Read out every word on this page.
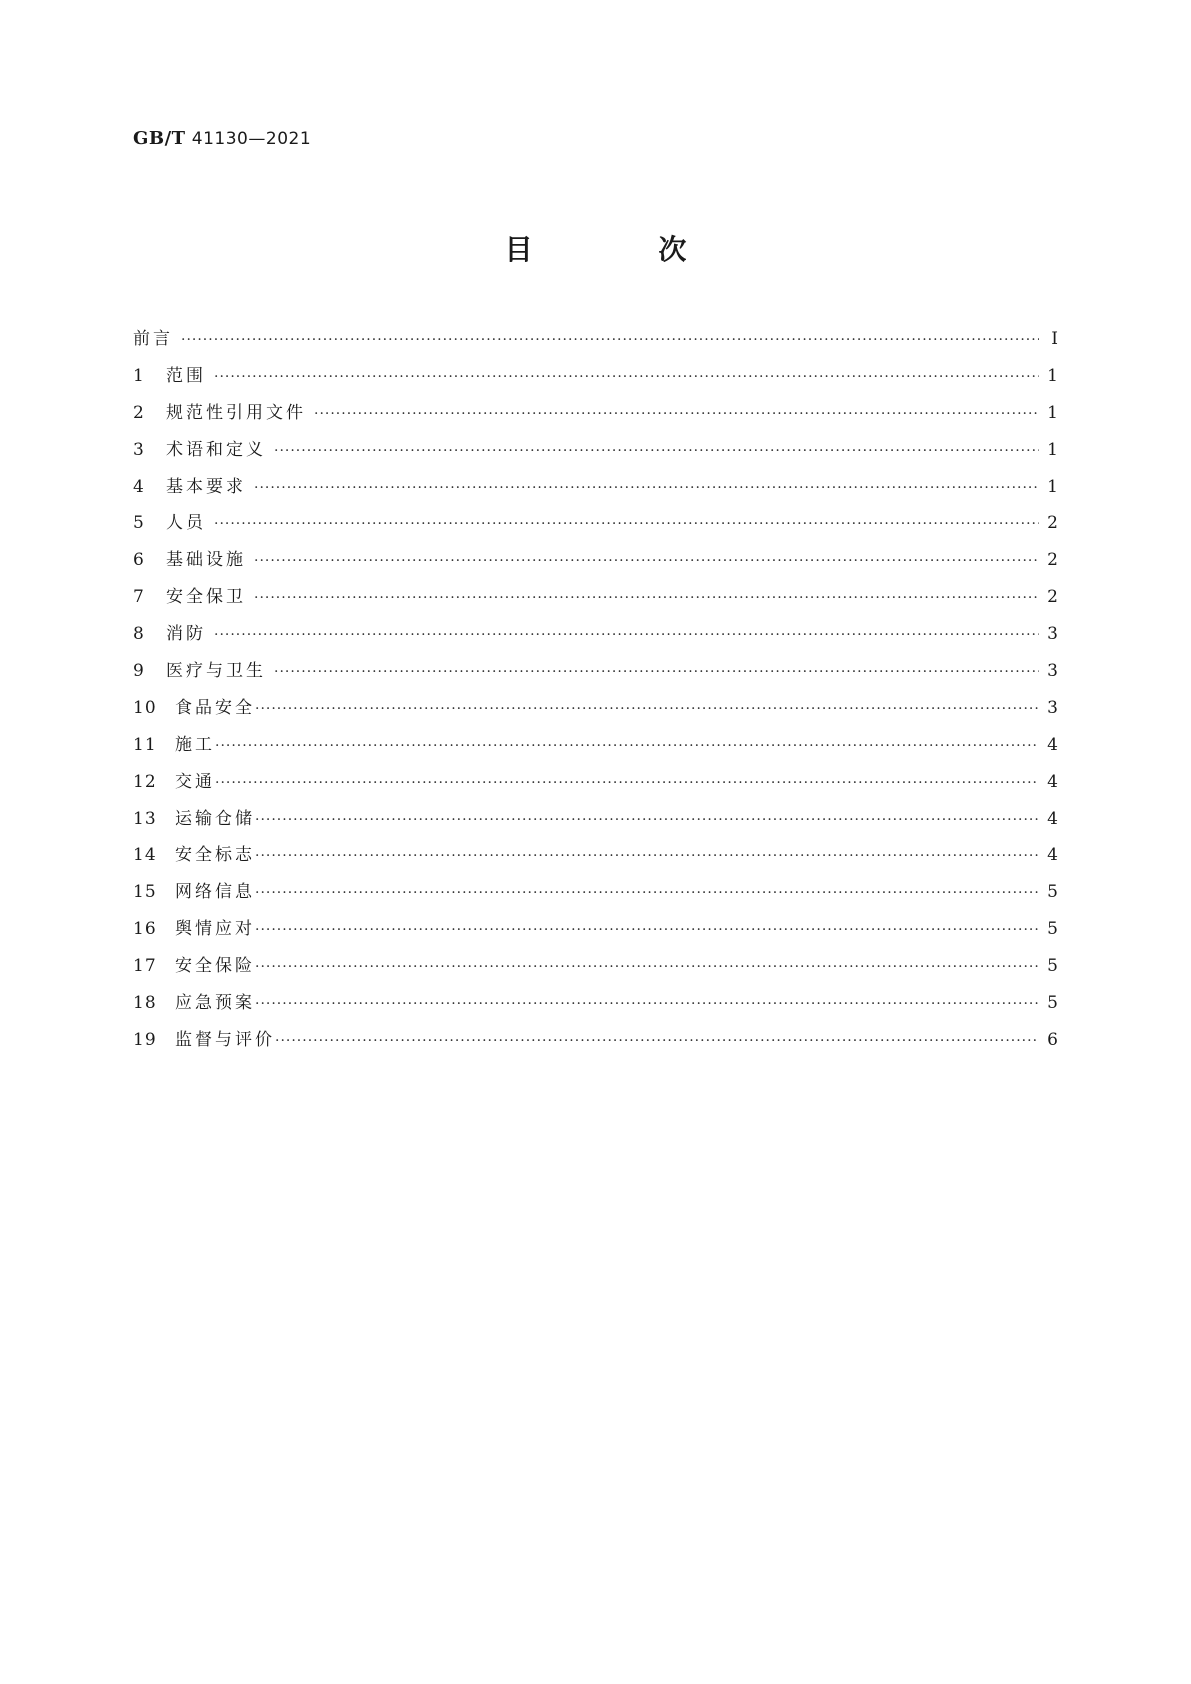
GB/T 41130—2021
目 次
前言 ·····	Ⅰ
1	范围 ·····	1
2	规范性引用文件 ·····	1
3	术语和定义 ·····	1
4	基本要求 ·····	1
5	人员 ·····	2
6	基础设施 ·····	2
7	安全保卫 ·····	2
8	消防 ·····	3
9	医疗与卫生 ·····	3
10	食品安全 ·····	3
11	施工 ·····	4
12	交通 ·····	4
13	运输仓储 ·····	4
14	安全标志 ·····	4
15	网络信息 ·····	5
16	舆情应对 ·····	5
17	安全保险 ·····	5
18	应急预案 ·····	5
19	监督与评价 ·····	6
